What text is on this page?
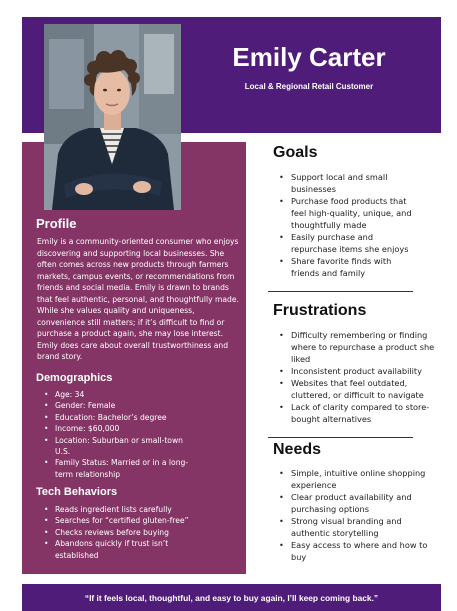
Emily Carter
Local & Regional Retail Customer
Profile
Emily is a community-oriented consumer who enjoys discovering and supporting local businesses. She often comes across new products through farmers markets, campus events, or recommendations from friends and social media. Emily is drawn to brands that feel authentic, personal, and thoughtfully made. While she values quality and uniqueness, convenience still matters; if it’s difficult to find or purchase a product again, she may lose interest. Emily does care about overall trustworthiness and brand story.
Demographics
• Age: 34
• Gender: Female
• Education: Bachelor’s degree
• Income: $60,000
• Location: Suburban or small-town U.S.
• Family Status: Married or in a long-term relationship
Tech Behaviors
• Reads ingredient lists carefully
• Searches for “certified gluten-free”
• Checks reviews before buying
• Abandons quickly if trust isn’t established
Goals
• Support local and small businesses
• Purchase food products that feel high-quality, unique, and thoughtfully made
• Easily purchase and repurchase items she enjoys
• Share favorite finds with friends and family
Frustrations
• Difficulty remembering or finding where to repurchase a product she liked
• Inconsistent product availability
• Websites that feel outdated, cluttered, or difficult to navigate
• Lack of clarity compared to store-bought alternatives
Needs
• Simple, intuitive online shopping experience
• Clear product availability and purchasing options
• Strong visual branding and authentic storytelling
• Easy access to where and how to buy
“If it feels local, thoughtful, and easy to buy again, I’ll keep coming back.”
